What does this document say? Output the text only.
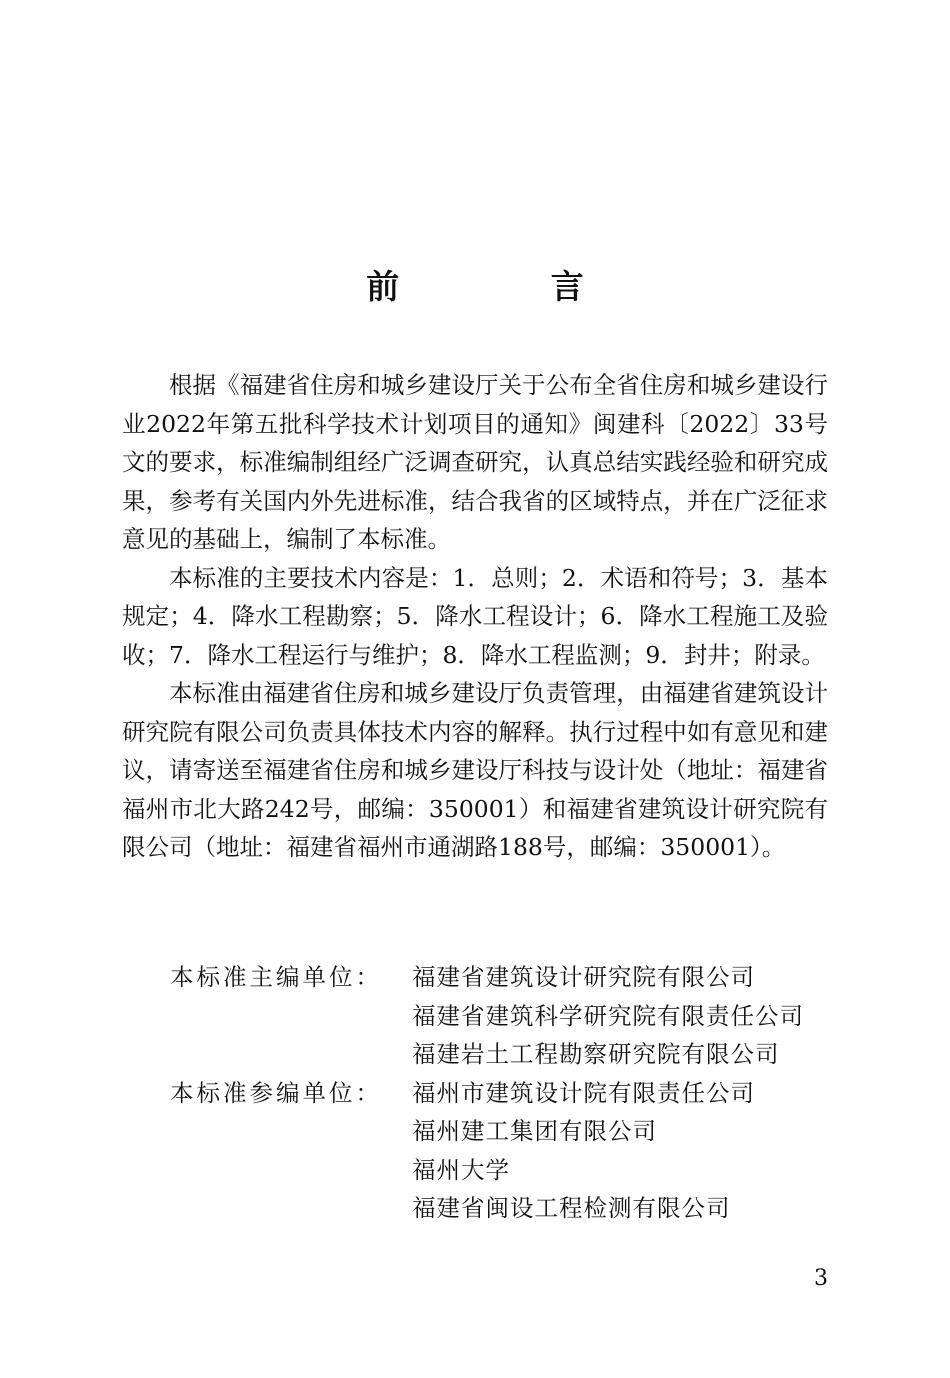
前 言

根据《福建省住房和城乡建设厅关于公布全省住房和城乡建设行业2022年第五批科学技术计划项目的通知》闽建科〔2022〕33号文的要求，标准编制组经广泛调查研究，认真总结实践经验和研究成果，参考有关国内外先进标准，结合我省的区域特点，并在广泛征求意见的基础上，编制了本标准。

本标准的主要技术内容是：1．总则；2．术语和符号；3．基本规定；4．降水工程勘察；5．降水工程设计；6．降水工程施工及验收；7．降水工程运行与维护；8．降水工程监测；9．封井；附录。

本标准由福建省住房和城乡建设厅负责管理，由福建省建筑设计研究院有限公司负责具体技术内容的解释。执行过程中如有意见和建议，请寄送至福建省住房和城乡建设厅科技与设计处（地址：福建省福州市北大路242号，邮编：350001）和福建省建筑设计研究院有限公司（地址：福建省福州市通湖路188号，邮编：350001）。

本标准主编单位：	福建省建筑设计研究院有限公司
福建省建筑科学研究院有限责任公司
福建岩土工程勘察研究院有限公司
本标准参编单位：	福州市建筑设计院有限责任公司
福州建工集团有限公司
福州大学
福建省闽设工程检测有限公司
3
